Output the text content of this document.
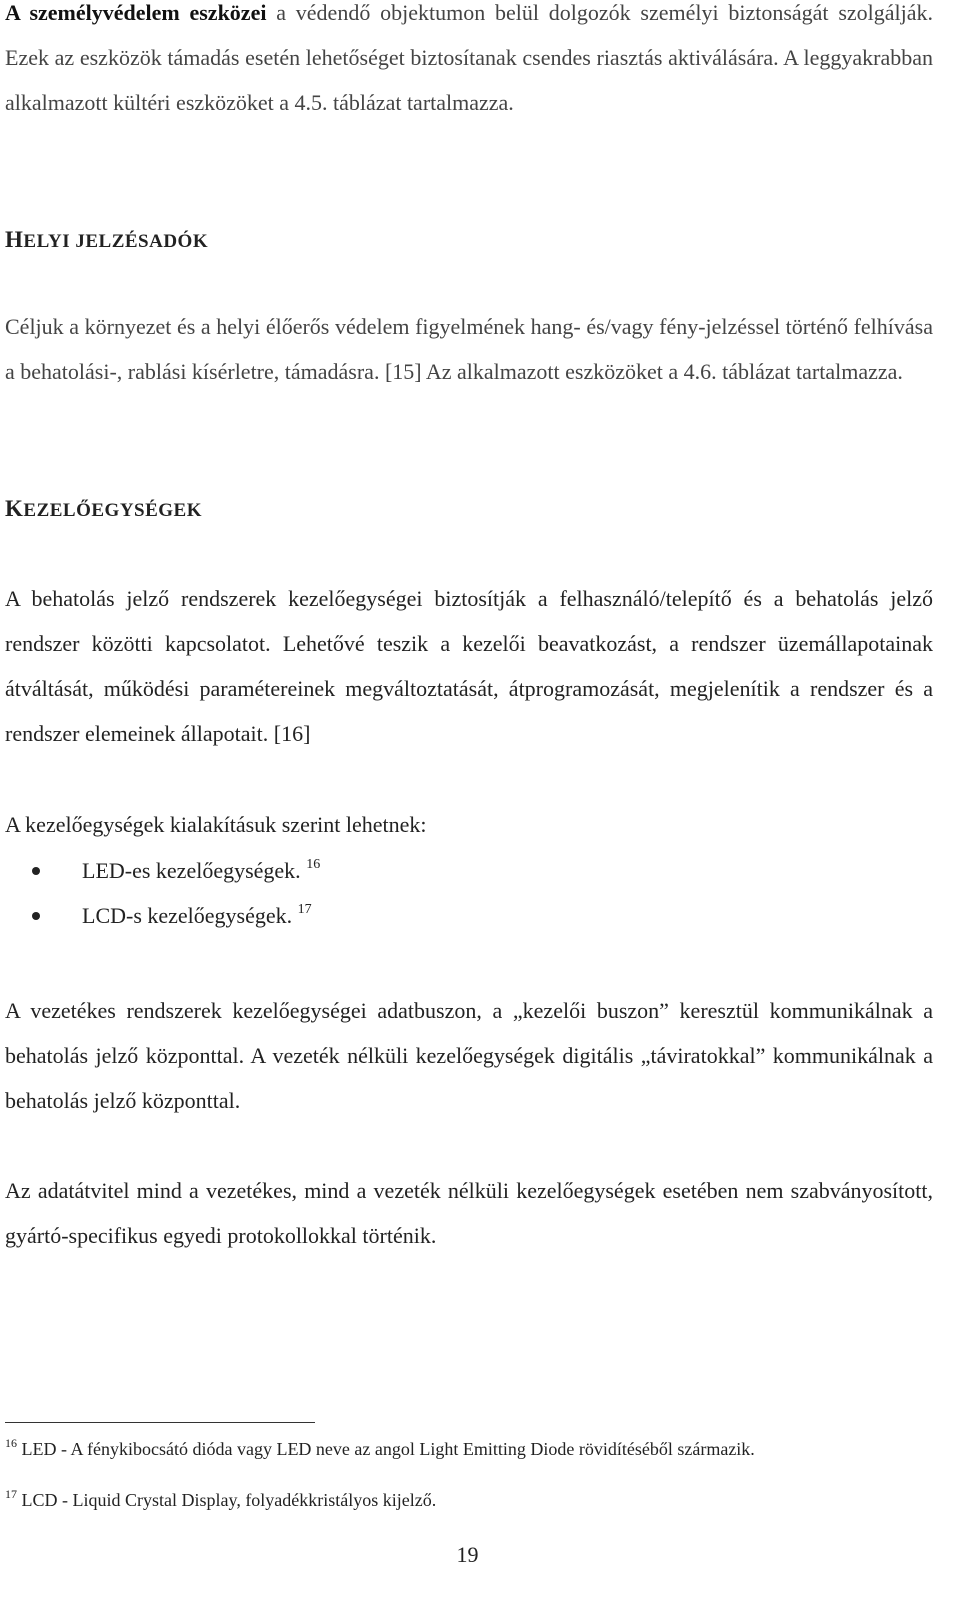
A személyvédelem eszközei a védendő objektumon belül dolgozók személyi biztonságát szolgálják. Ezek az eszközök támadás esetén lehetőséget biztosítanak csendes riasztás aktiválására. A leggyakrabban alkalmazott kültéri eszközöket a 4.5. táblázat tartalmazza.

HELYI JELZÉSADÓK

Céljuk a környezet és a helyi élőerős védelem figyelmének hang- és/vagy fény-jelzéssel történő felhívása a behatolási-, rablási kísérletre, támadásra. [15] Az alkalmazott eszközöket a 4.6. táblázat tartalmazza.

KEZELŐEGYSÉGEK

A behatolás jelző rendszerek kezelőegységei biztosítják a felhasználó/telepítő és a behatolás jelző rendszer közötti kapcsolatot. Lehetővé teszik a kezelői beavatkozást, a rendszer üzemállapotainak átváltását, működési paramétereinek megváltoztatását, átprogramozását, megjelenítik a rendszer és a rendszer elemeinek állapotait. [16]

A kezelőegységek kialakításuk szerint lehetnek:

LED-es kezelőegységek. $^{16}$
LCD-s kezelőegységek. $^{17}$

A vezetékes rendszerek kezelőegységei adatbuszon, a „kezelői buszon” keresztül kommunikálnak a behatolás jelző központtal. A vezeték nélküli kezelőegységek digitális „táviratokkal” kommunikálnak a behatolás jelző központtal.

Az adatátvitel mind a vezetékes, mind a vezeték nélküli kezelőegységek esetében nem szabványosított, gyártó-specifikus egyedi protokollokkal történik.

$^{16}$ LED - A fénykibocsátó dióda vagy LED neve az angol Light Emitting Diode rövidítéséből származik.
$^{17}$ LCD - Liquid Crystal Display, folyadékkristályos kijelző.
19
